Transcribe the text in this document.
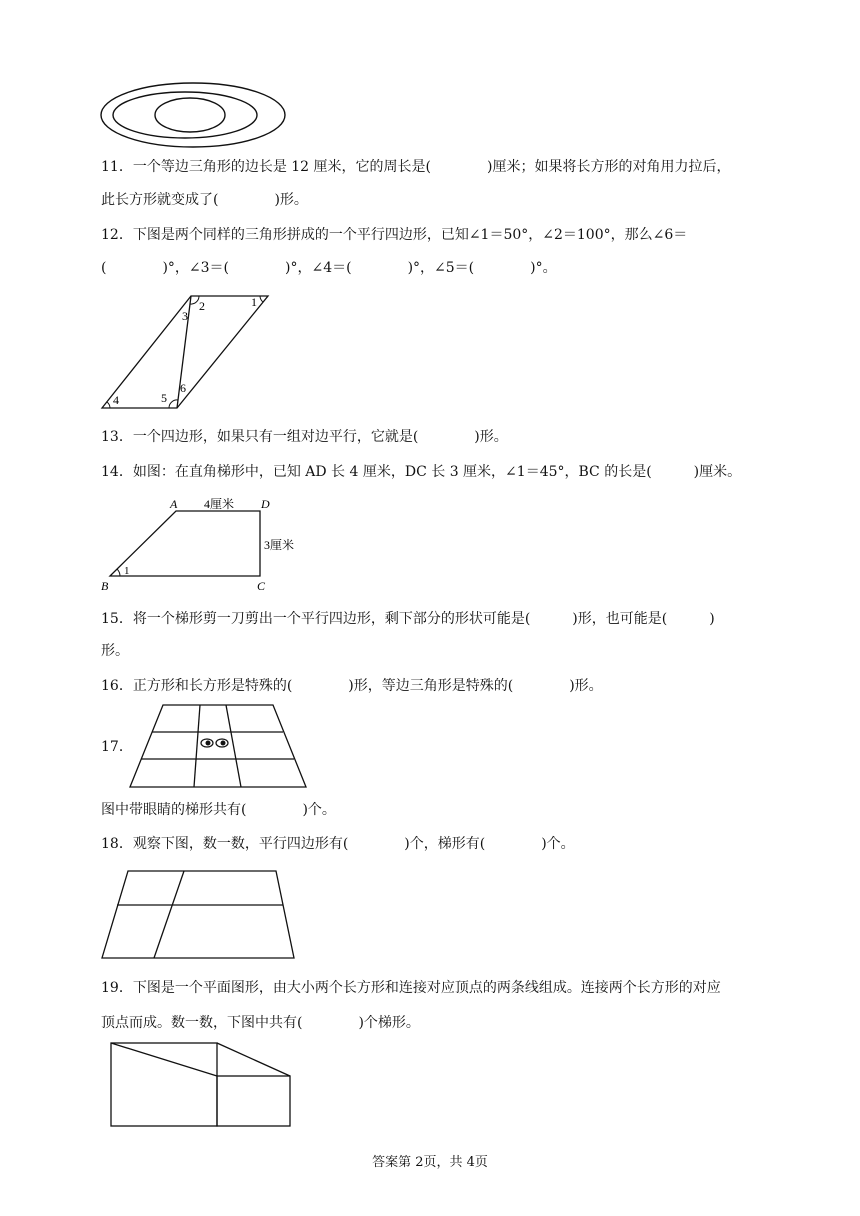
11．一个等边三角形的边长是 12 厘米，它的周长是(　　　　)厘米；如果将长方形的对角用力拉后，
此长方形就变成了(　　　　)形。
12．下图是两个同样的三角形拼成的一个平行四边形，已知∠1＝50°，∠2＝100°，那么∠6＝
(　　　　)°，∠3＝(　　　　)°，∠4＝(　　　　)°，∠5＝(　　　　)°。
1
2
3
4	5
6
13．一个四边形，如果只有一组对边平行，它就是(　　　　)形。
14．如图：在直角梯形中，已知 AD 长 4 厘米，DC 长 3 厘米，∠1＝45°，BC 的长是(　　　)厘米。
A	D
B	C
4厘米
3厘米
1
15．将一个梯形剪一刀剪出一个平行四边形，剩下部分的形状可能是(　　　)形，也可能是(　　　)
形。
16．正方形和长方形是特殊的(　　　　)形，等边三角形是特殊的(　　　　)形。
17．
图中带眼睛的梯形共有(　　　　)个。
18．观察下图，数一数，平行四边形有(　　　　)个，梯形有(　　　　)个。
19．下图是一个平面图形，由大小两个长方形和连接对应顶点的两条线组成。连接两个长方形的对应
顶点而成。数一数，下图中共有(　　　　)个梯形。
答案第 2页，共 4页
